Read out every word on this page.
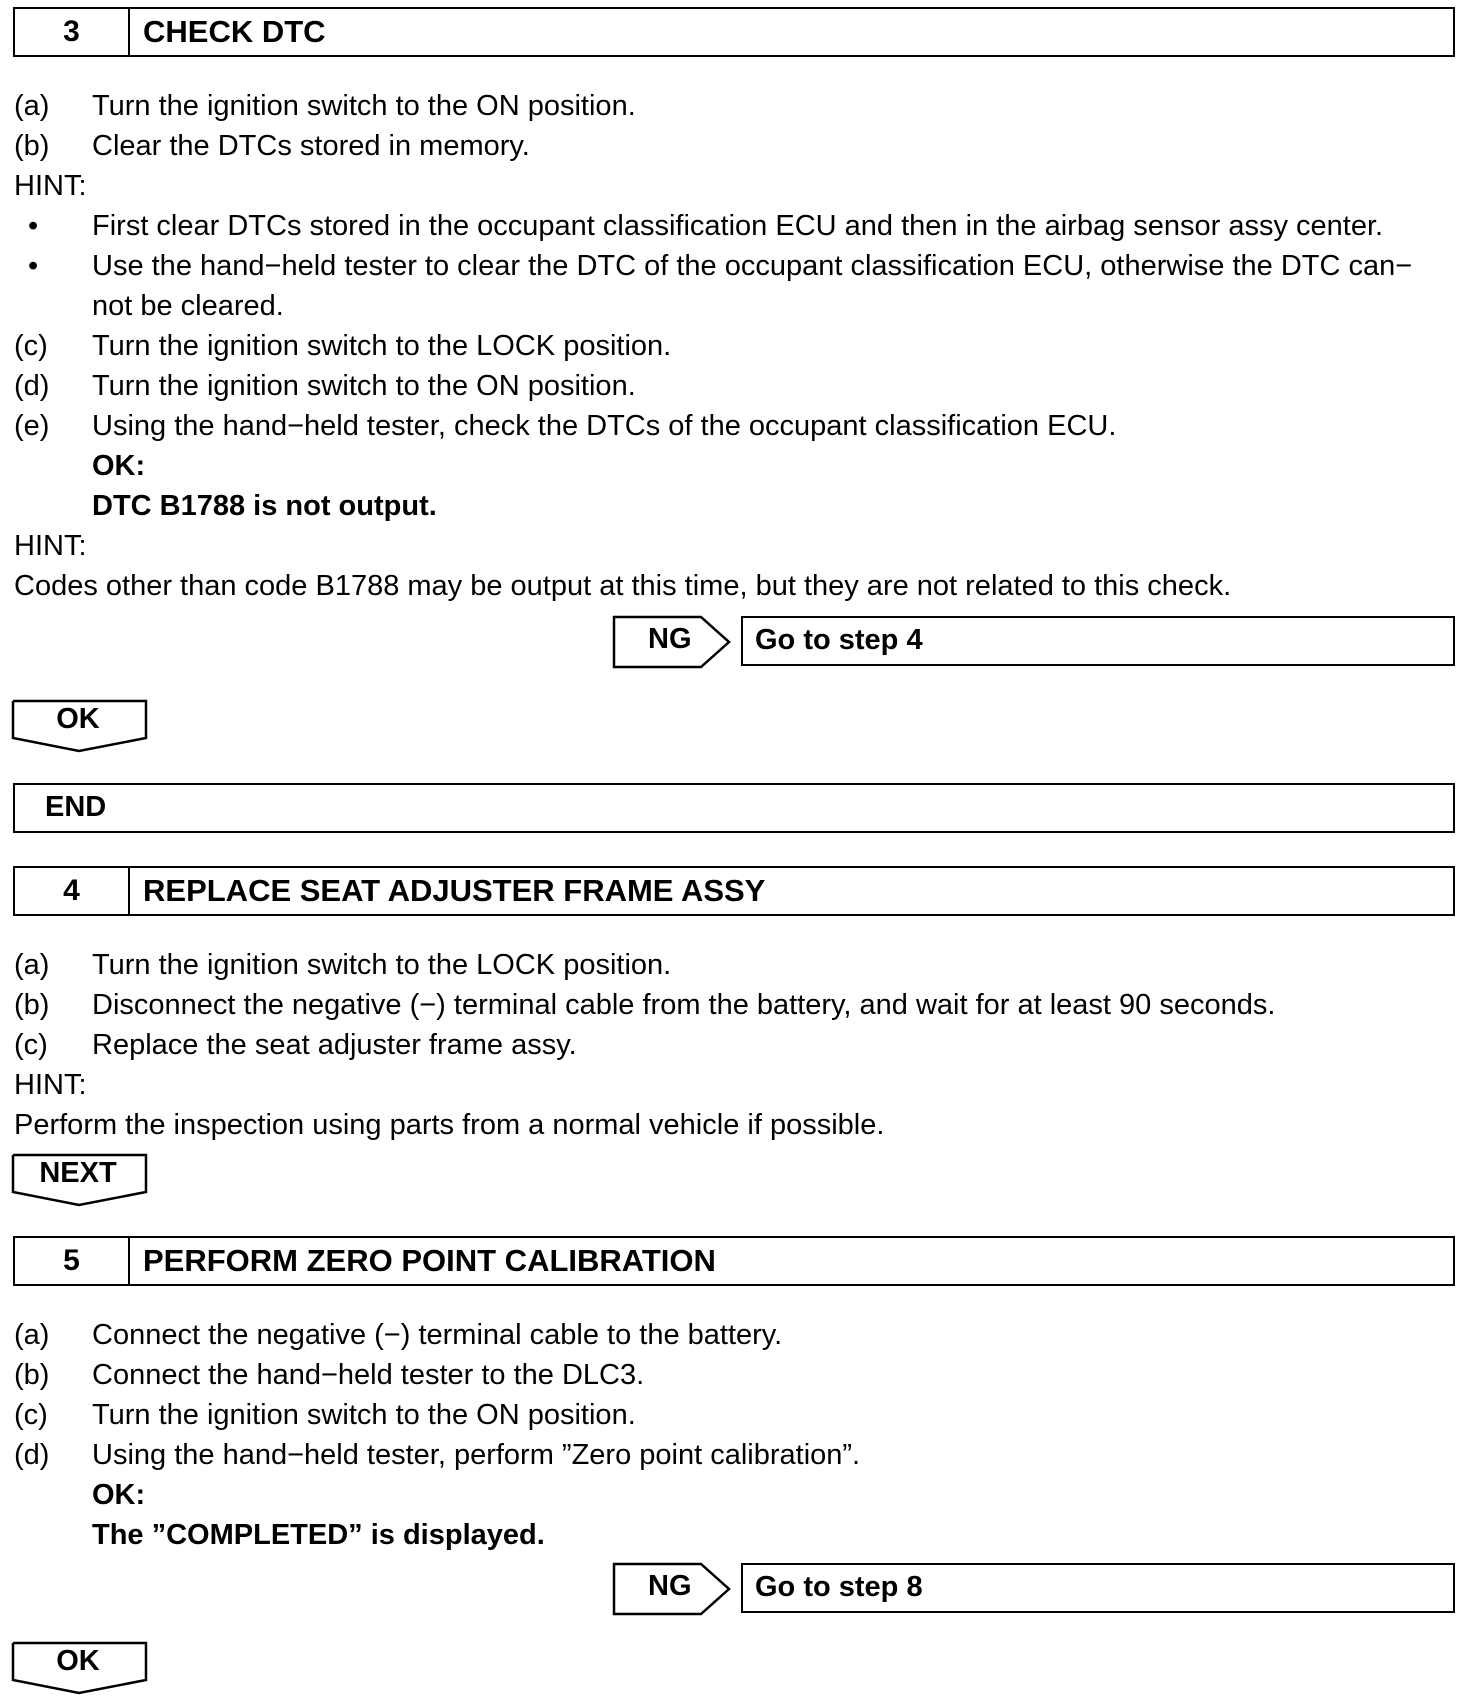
3	CHECK DTC
(a) Turn the ignition switch to the ON position.
(b) Clear the DTCs stored in memory.
HINT:
• First clear DTCs stored in the occupant classification ECU and then in the airbag sensor assy center.
• Use the hand−held tester to clear the DTC of the occupant classification ECU, otherwise the DTC can−
not be cleared.
(c) Turn the ignition switch to the LOCK position.
(d) Turn the ignition switch to the ON position.
(e) Using the hand−held tester, check the DTCs of the occupant classification ECU.
OK:
DTC B1788 is not output.
HINT:
Codes other than code B1788 may be output at this time, but they are not related to this check.
NG Go to step 4
OK
END
4	REPLACE SEAT ADJUSTER FRAME ASSY
(a) Turn the ignition switch to the LOCK position.
(b) Disconnect the negative (−) terminal cable from the battery, and wait for at least 90 seconds.
(c) Replace the seat adjuster frame assy.
HINT:
Perform the inspection using parts from a normal vehicle if possible.
NEXT
5	PERFORM ZERO POINT CALIBRATION
(a) Connect the negative (−) terminal cable to the battery.
(b) Connect the hand−held tester to the DLC3.
(c) Turn the ignition switch to the ON position.
(d) Using the hand−held tester, perform ”Zero point calibration”.
OK:
The ”COMPLETED” is displayed.
NG Go to step 8
OK
